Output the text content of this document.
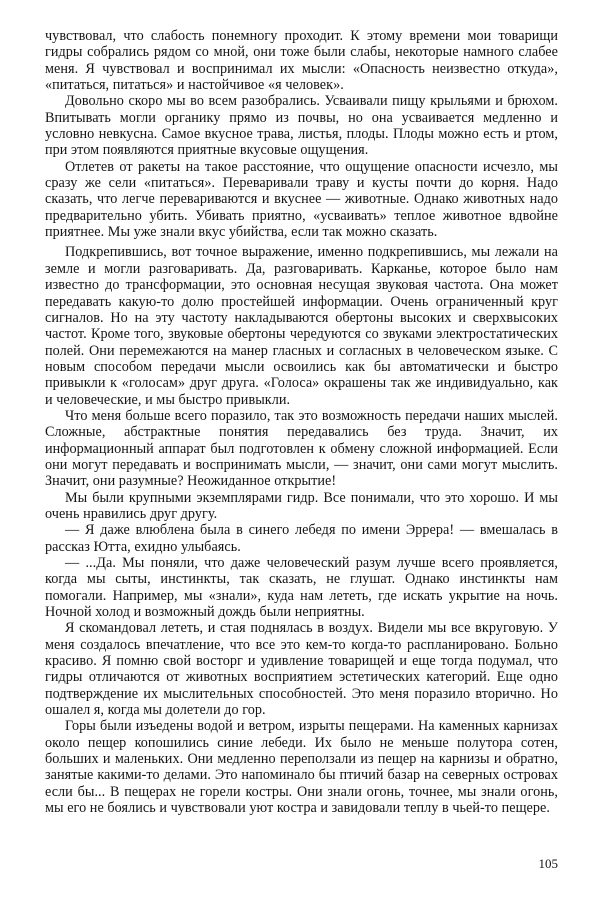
чувствовал, что слабость понемногу проходит. К этому времени мои товарищи гидры собрались рядом со мной, они тоже были слабы, некоторые намного слабее меня. Я чувствовал и воспринимал их мысли: «Опасность неизвестно откуда», «питаться, питаться» и настойчивое «я человек».

Довольно скоро мы во всем разобрались. Усваивали пищу крыльями и брюхом. Впитывать могли органику прямо из почвы, но она усваивается медленно и условно невкусна. Самое вкусное трава, листья, плоды. Плоды можно есть и ртом, при этом появляются приятные вкусовые ощущения.

Отлетев от ракеты на такое расстояние, что ощущение опасности исчезло, мы сразу же сели «питаться». Переваривали траву и кусты почти до корня. Надо сказать, что легче перевариваются и вкуснее — животные. Однако животных надо предварительно убить. Убивать приятно, «усваивать» теплое животное вдвойне приятнее. Мы уже знали вкус убийства, если так можно сказать.

Подкрепившись, вот точное выражение, именно подкрепившись, мы лежали на земле и могли разговаривать. Да, разговаривать. Карканье, которое было нам известно до трансформации, это основная несущая звуковая частота. Она может передавать какую-то долю простейшей информации. Очень ограниченный круг сигналов. Но на эту частоту накладываются обертоны высоких и сверхвысоких частот. Кроме того, звуковые обертоны чередуются со звуками электростатических полей. Они перемежаются на манер гласных и согласных в человеческом языке. С новым способом передачи мысли освоились как бы автоматически и быстро привыкли к «голосам» друг друга. «Голоса» окрашены так же индивидуально, как и человеческие, и мы быстро привыкли.

Что меня больше всего поразило, так это возможность передачи наших мыслей. Сложные, абстрактные понятия передавались без труда. Значит, их информационный аппарат был подготовлен к обмену сложной информацией. Если они могут передавать и воспринимать мысли, — значит, они сами могут мыслить. Значит, они разумные? Неожиданное открытие!

Мы были крупными экземплярами гидр. Все понимали, что это хорошо. И мы очень нравились друг другу.

— Я даже влюблена была в синего лебедя по имени Эррера! — вмешалась в рассказ Ютта, ехидно улыбаясь.

— ...Да. Мы поняли, что даже человеческий разум лучше всего проявляется, когда мы сыты, инстинкты, так сказать, не глушат. Однако инстинкты нам помогали. Например, мы «знали», куда нам лететь, где искать укрытие на ночь. Ночной холод и возможный дождь были неприятны.

Я скомандовал лететь, и стая поднялась в воздух. Видели мы все вкруговую. У меня создалось впечатление, что все это кем-то когда-то распланировано. Больно красиво. Я помню свой восторг и удивление товарищей и еще тогда подумал, что гидры отличаются от животных восприятием эстетических категорий. Еще одно подтверждение их мыслительных способностей. Это меня поразило вторично. Но ошалел я, когда мы долетели до гор.

Горы были изъедены водой и ветром, изрыты пещерами. На каменных карнизах около пещер копошились синие лебеди. Их было не меньше полутора сотен, больших и маленьких. Они медленно переползали из пещер на карнизы и обратно, занятые какими-то делами. Это напоминало бы птичий базар на северных островах если бы... В пещерах не горели костры. Они знали огонь, точнее, мы знали огонь, мы его не боялись и чувствовали уют костра и завидовали теплу в чьей-то пещере.

105
